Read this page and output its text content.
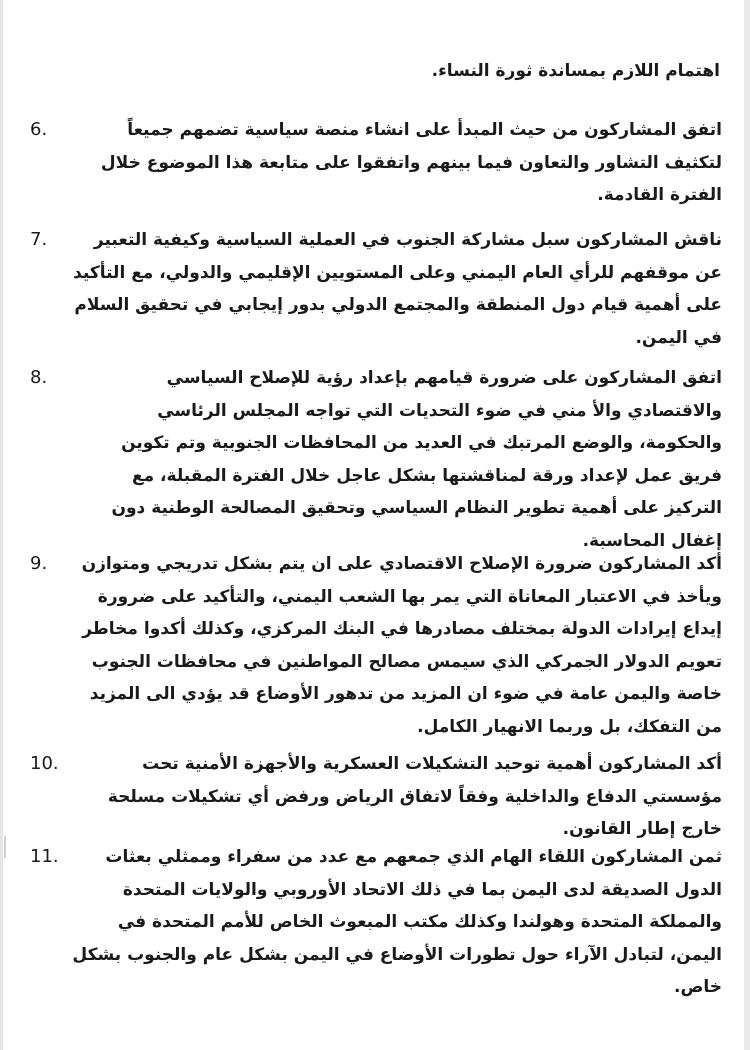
اهتمام اللازم بمساندة ثورة النساء.

6.	اتفق المشاركون من حيث المبدأ على انشاء منصة سياسية تضمهم جميعاً لتكثيف التشاور والتعاون فيما بينهم واتفقوا على متابعة هذا الموضوع خلال الفترة القادمة.
7.	ناقش المشاركون سبل مشاركة الجنوب في العملية السياسية وكيفية التعبير عن موقفهم للرأي العام اليمني وعلى المستويين الإقليمي والدولي، مع التأكيد على أهمية قيام دول المنطقة والمجتمع الدولي بدور إيجابي في تحقيق السلام في اليمن.
8.	اتفق المشاركون على ضرورة قيامهم بإعداد رؤية للإصلاح السياسي والاقتصادي والأ مني في ضوء التحديات التي تواجه المجلس الرئاسي والحكومة، والوضع المرتبك في العديد من المحافظات الجنوبية وتم تكوين فريق عمل لإعداد ورقة لمناقشتها بشكل عاجل خلال الفترة المقبلة، مع التركيز على أهمية تطوير النظام السياسي وتحقيق المصالحة الوطنية دون إغفال المحاسبة.
9.	أكد المشاركون ضرورة الإصلاح الاقتصادي على ان يتم بشكل تدريجي ومتوازن ويأخذ في الاعتبار المعاناة التي يمر بها الشعب اليمني، والتأكيد على ضرورة إيداع إيرادات الدولة بمختلف مصادرها في البنك المركزي، وكذلك أكدوا مخاطر تعويم الدولار الجمركي الذي سيمس مصالح المواطنين في محافظات الجنوب خاصة واليمن عامة في ضوء ان المزيد من تدهور الأوضاع قد يؤدي الى المزيد من التفكك، بل وربما الانهيار الكامل.
10.	أكد المشاركون أهمية توحيد التشكيلات العسكرية والأجهزة الأمنية تحت مؤسستي الدفاع والداخلية وفقاً لاتفاق الرياض ورفض أي تشكيلات مسلحة خارج إطار القانون.
11.	ثمن المشاركون اللقاء الهام الذي جمعهم مع عدد من سفراء وممثلي بعثات الدول الصديقة لدى اليمن بما في ذلك الاتحاد الأوروبي والولايات المتحدة والمملكة المتحدة وهولندا وكذلك مكتب المبعوث الخاص للأمم المتحدة في اليمن، لتبادل الآراء حول تطورات الأوضاع في اليمن بشكل عام والجنوب بشكل خاص.
